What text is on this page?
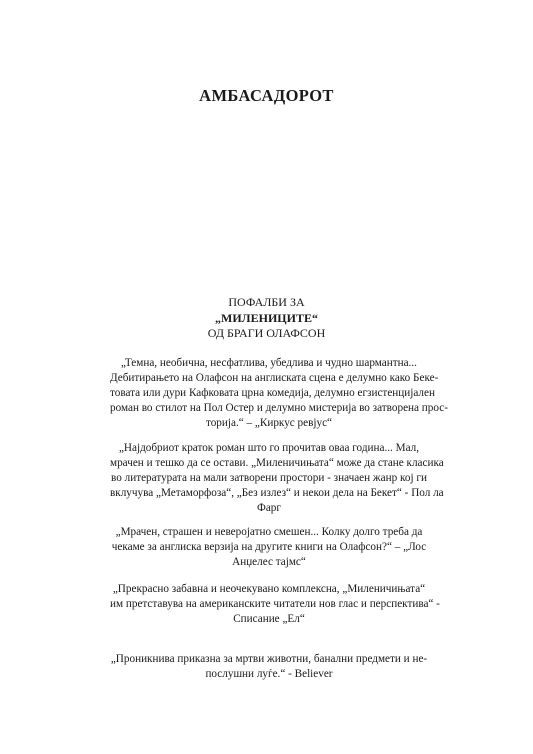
АМБАСАДОРОТ
ПОФАЛБИ ЗА
„МИЛЕНИЦИТЕ“
ОД БРАГИ ОЛАФСОН
„Темна, необична, несфатлива, убедлива и чудно шармантна...
Дебитирањето на Олафсон на англиската сцена е делумно како Беке-
товата или дури Кафковата црна комедија, делумно егзистенцијален
роман во стилот на Пол Остер и делумно мистерија во затворена прос-
торија.“ – „Киркус ревјус“
„Најдобриот краток роман што го прочитав оваа година... Мал,
мрачен и тешко да се остави. „Миленичињата“ може да стане класика
во литературата на мали затворени простори - значаен жанр кој ги
вклучува „Метаморфоза“, „Без излез“ и некои дела на Бекет“ - Пол ла
Фарг
„Мрачен, страшен и неверојатно смешен... Колку долго треба да
чекаме за англиска верзија на другите книги на Олафсон?“ – „Лос
Анџелес тајмс“
„Прекрасно забавна и неочекувано комплексна, „Миленичињата“
им претставува на американските читатели нов глас и перспектива“ -
Списание „Ел“
„Проникнива приказна за мртви животни, банални предмети и не-
послушни луѓе.“ - Believer
